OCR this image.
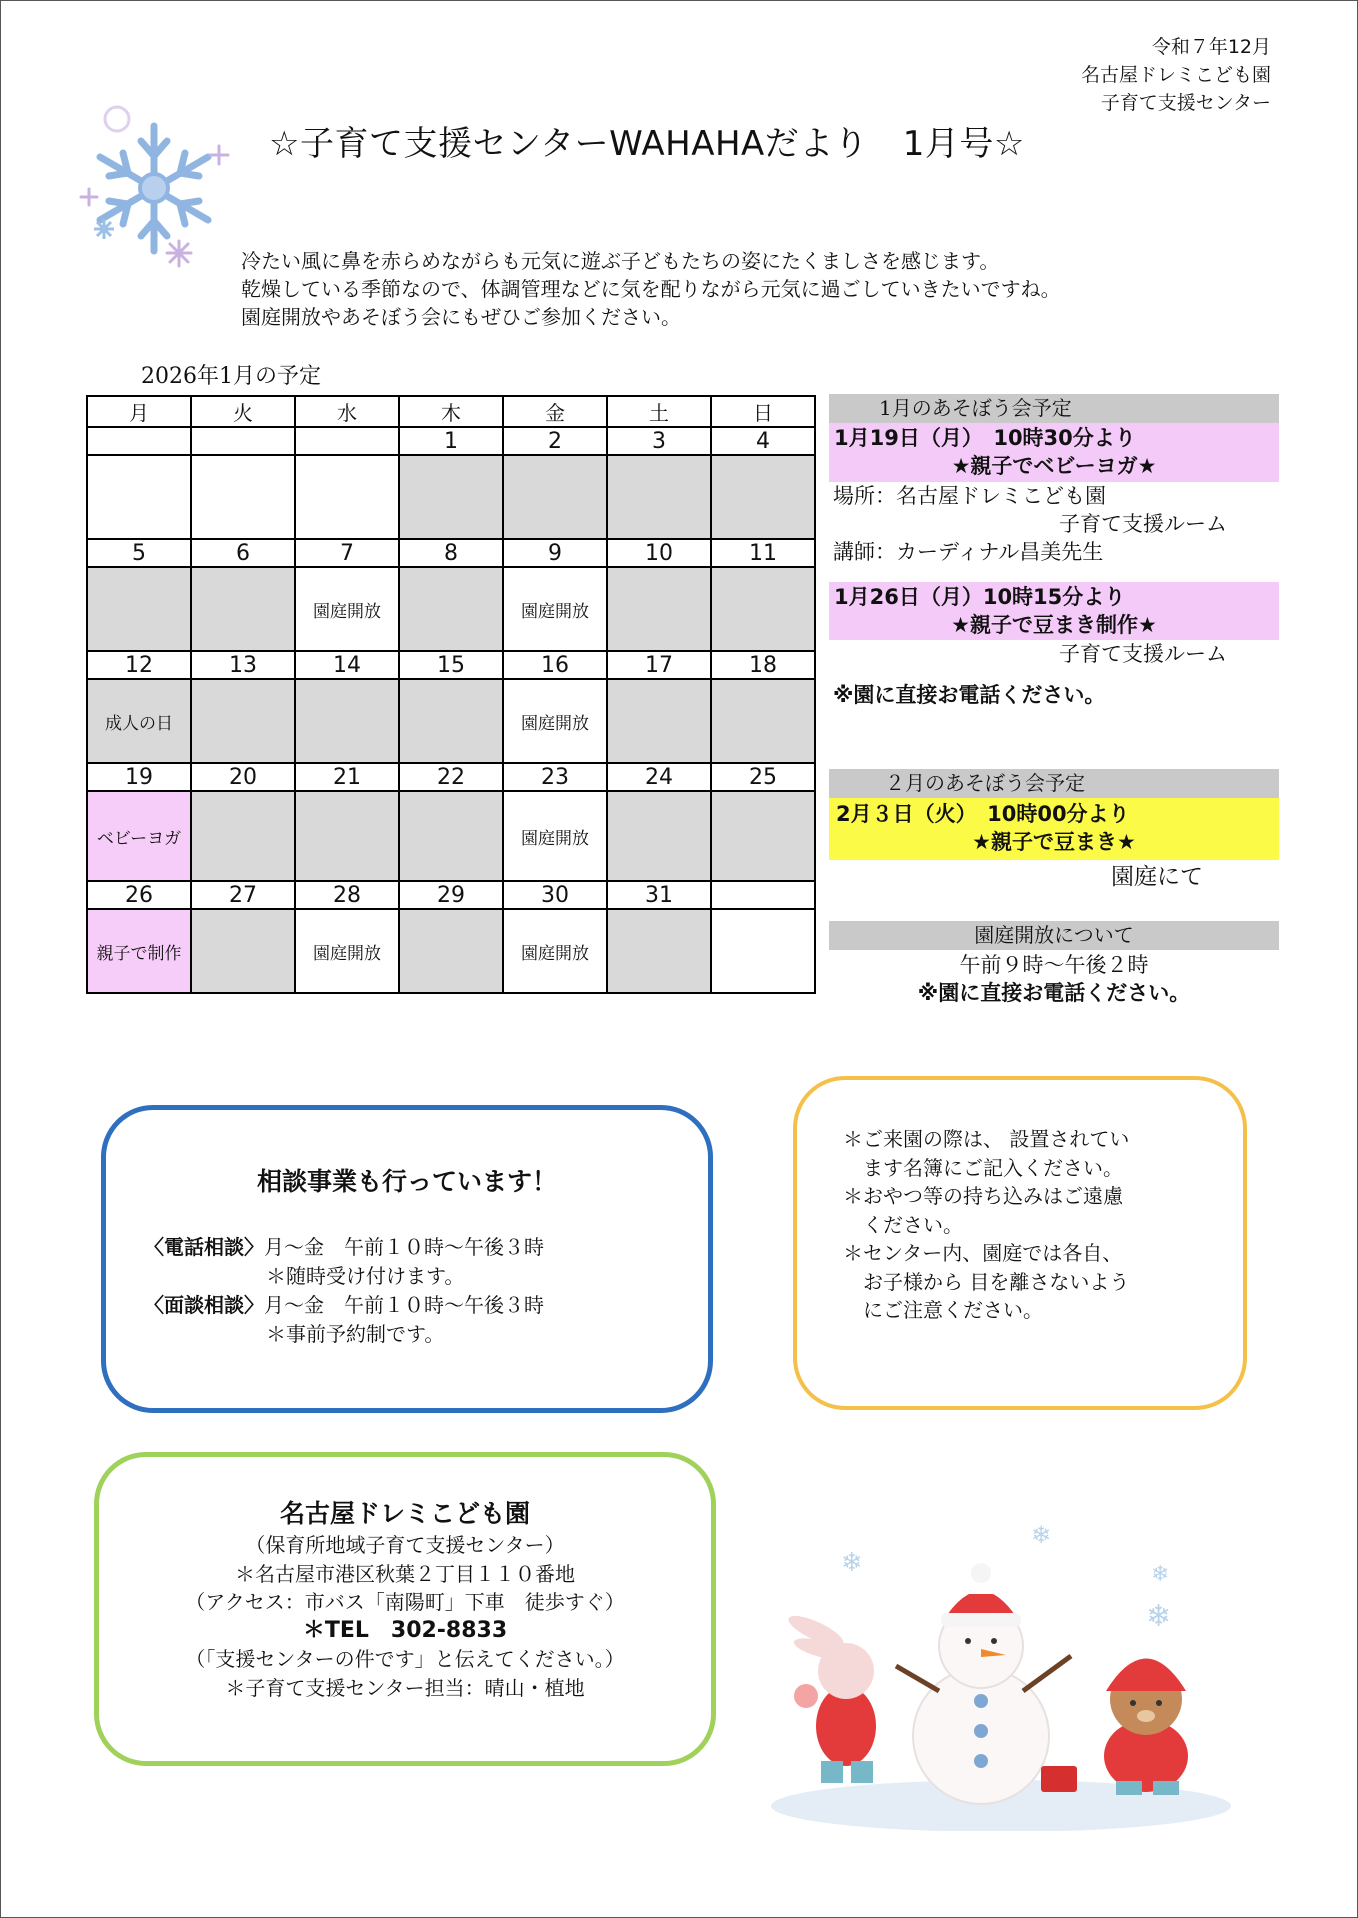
令和７年12月
名古屋ドレミこども園
子育て支援センター
☆子育て支援センターWAHAHAだより　1月号☆
冷たい風に鼻を赤らめながらも元気に遊ぶ子どもたちの姿にたくましさを感じます。
乾燥している季節なので、体調管理などに気を配りながら元気に過ごしていきたいですね。
園庭開放やあそぼう会にもぜひご参加ください。
2026年1月の予定
月	火	水	木	金	土	日
			1	2	3	4

5	6	7	8	9	10	11
		園庭開放		園庭開放		
12	13	14	15	16	17	18
成人の日				園庭開放		
19	20	21	22	23	24	25
ベビーヨガ				園庭開放		
26	27	28	29	30	31	
親子で制作		園庭開放		園庭開放		
1月のあそぼう会予定
1月19日（月）　10時30分より
★親子でベビーヨガ★
場所：名古屋ドレミこども園
子育て支援ルーム
講師：カーディナル昌美先生
1月26日（月）10時15分より
★親子で豆まき制作★
子育て支援ルーム
※園に直接お電話ください。
２月のあそぼう会予定
2月３日（火）　10時00分より
★親子で豆まき★
園庭にて
園庭開放について
午前９時～午後２時
※園に直接お電話ください。
相談事業も行っています！
〈電話相談〉月～金　午前１０時～午後３時
＊随時受け付けます。
〈面談相談〉月～金　午前１０時～午後３時
＊事前予約制です。
＊ご来園の際は、 設置されてい
　ます名簿にご記入ください。
＊おやつ等の持ち込みはご遠慮
　ください。
＊センター内、園庭では各自、
　お子様から 目を離さないよう
　にご注意ください。
名古屋ドレミこども園
（保育所地域子育て支援センター）
＊名古屋市港区秋葉２丁目１１０番地
（アクセス：市バス「南陽町」下車　徒歩すぐ）
＊TEL　302-8833
（「支援センターの件です」と伝えてください。）
＊子育て支援センター担当：晴山・植地
❄
❄
❄
❄
